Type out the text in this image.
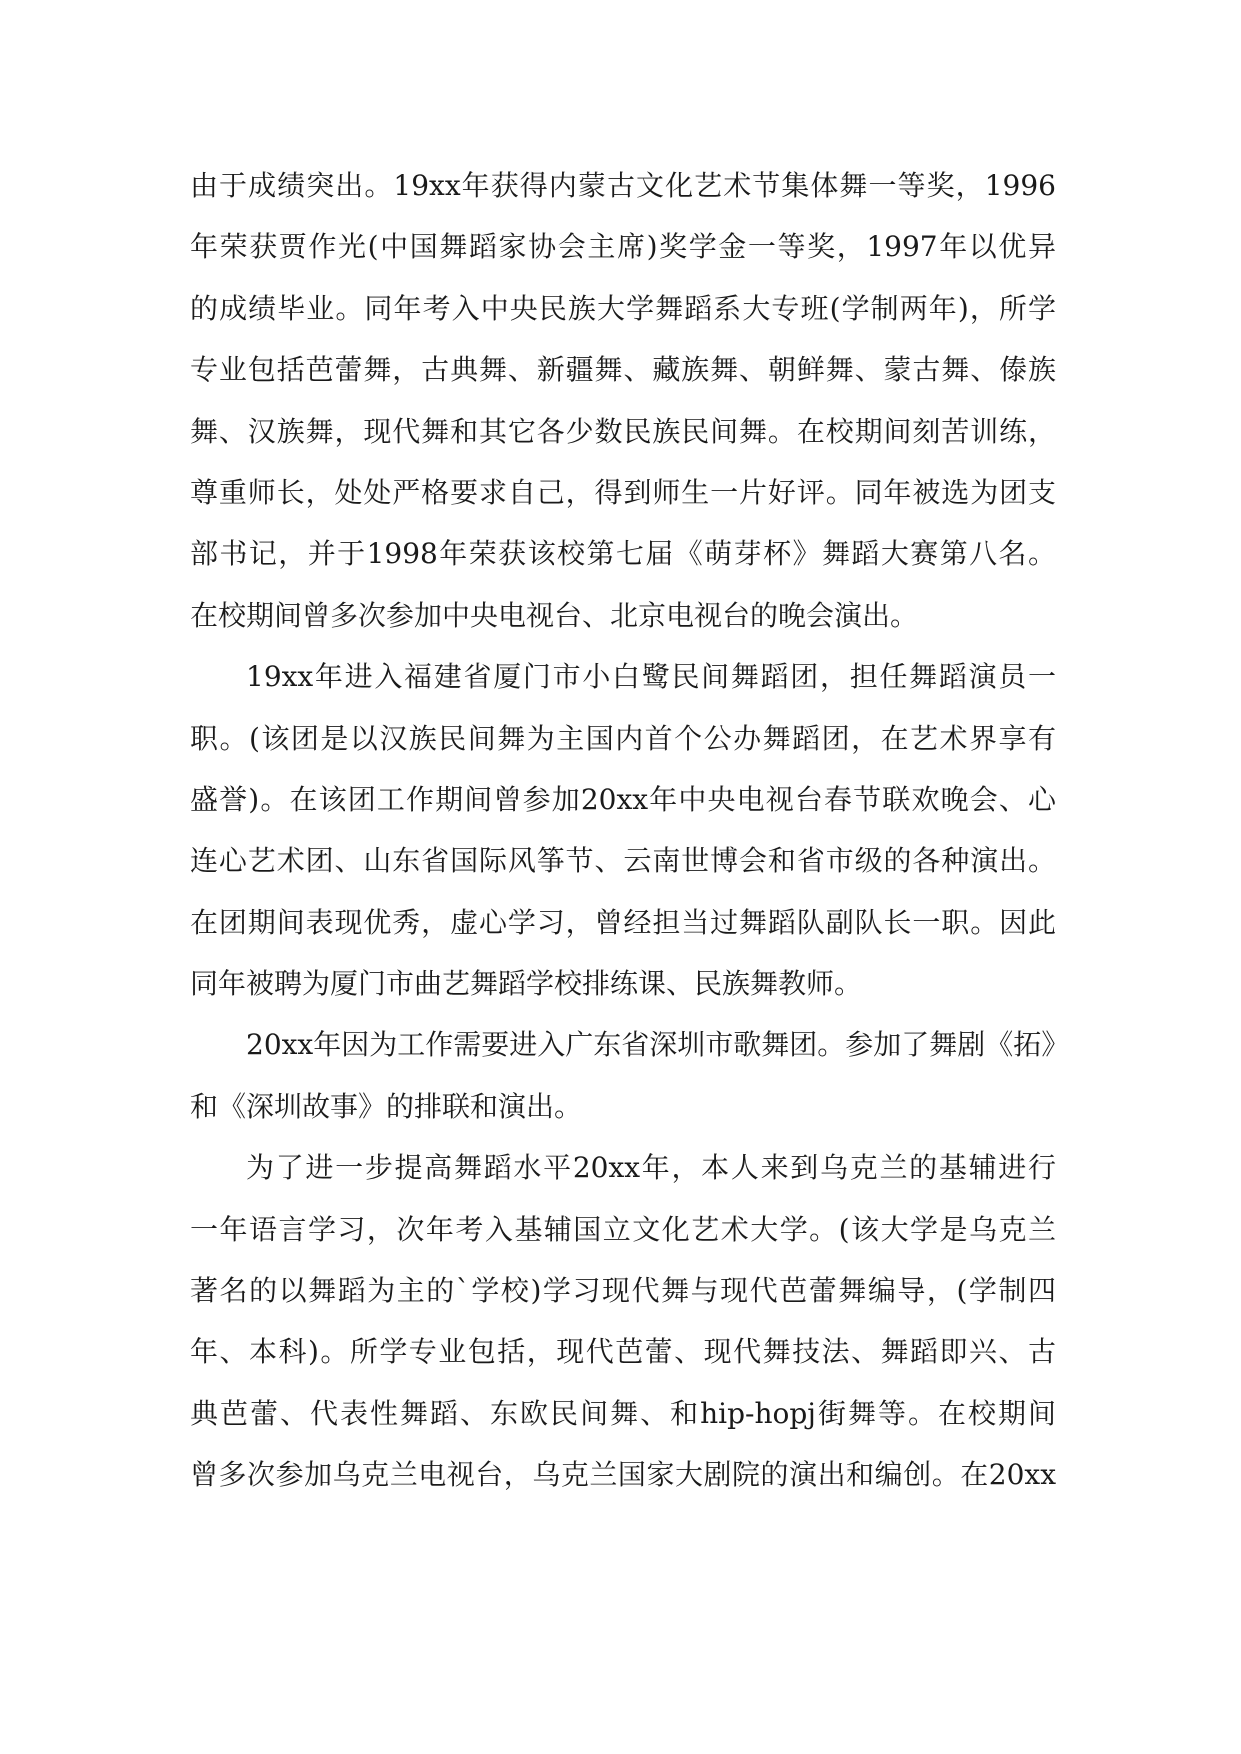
由于成绩突出。19xx年获得内蒙古文化艺术节集体舞一等奖，1996
年荣获贾作光(中国舞蹈家协会主席)奖学金一等奖，1997年以优异
的成绩毕业。同年考入中央民族大学舞蹈系大专班(学制两年)，所学
专业包括芭蕾舞，古典舞、新疆舞、藏族舞、朝鲜舞、蒙古舞、傣族
舞、汉族舞，现代舞和其它各少数民族民间舞。在校期间刻苦训练，
尊重师长，处处严格要求自己，得到师生一片好评。同年被选为团支
部书记，并于1998年荣获该校第七届《萌芽杯》舞蹈大赛第八名。
在校期间曾多次参加中央电视台、北京电视台的晚会演出。
19xx年进入福建省厦门市小白鹭民间舞蹈团，担任舞蹈演员一
职。(该团是以汉族民间舞为主国内首个公办舞蹈团，在艺术界享有
盛誉)。在该团工作期间曾参加20xx年中央电视台春节联欢晚会、心
连心艺术团、山东省国际风筝节、云南世博会和省市级的各种演出。
在团期间表现优秀，虚心学习，曾经担当过舞蹈队副队长一职。因此
同年被聘为厦门市曲艺舞蹈学校排练课、民族舞教师。
20xx年因为工作需要进入广东省深圳市歌舞团。参加了舞剧《拓》
和《深圳故事》的排联和演出。
为了进一步提高舞蹈水平20xx年，本人来到乌克兰的基辅进行
一年语言学习，次年考入基辅国立文化艺术大学。(该大学是乌克兰
著名的以舞蹈为主的`学校)学习现代舞与现代芭蕾舞编导，(学制四
年、本科)。所学专业包括，现代芭蕾、现代舞技法、舞蹈即兴、古
典芭蕾、代表性舞蹈、东欧民间舞、和hip-hopj街舞等。在校期间
曾多次参加乌克兰电视台，乌克兰国家大剧院的演出和编创。在20xx
